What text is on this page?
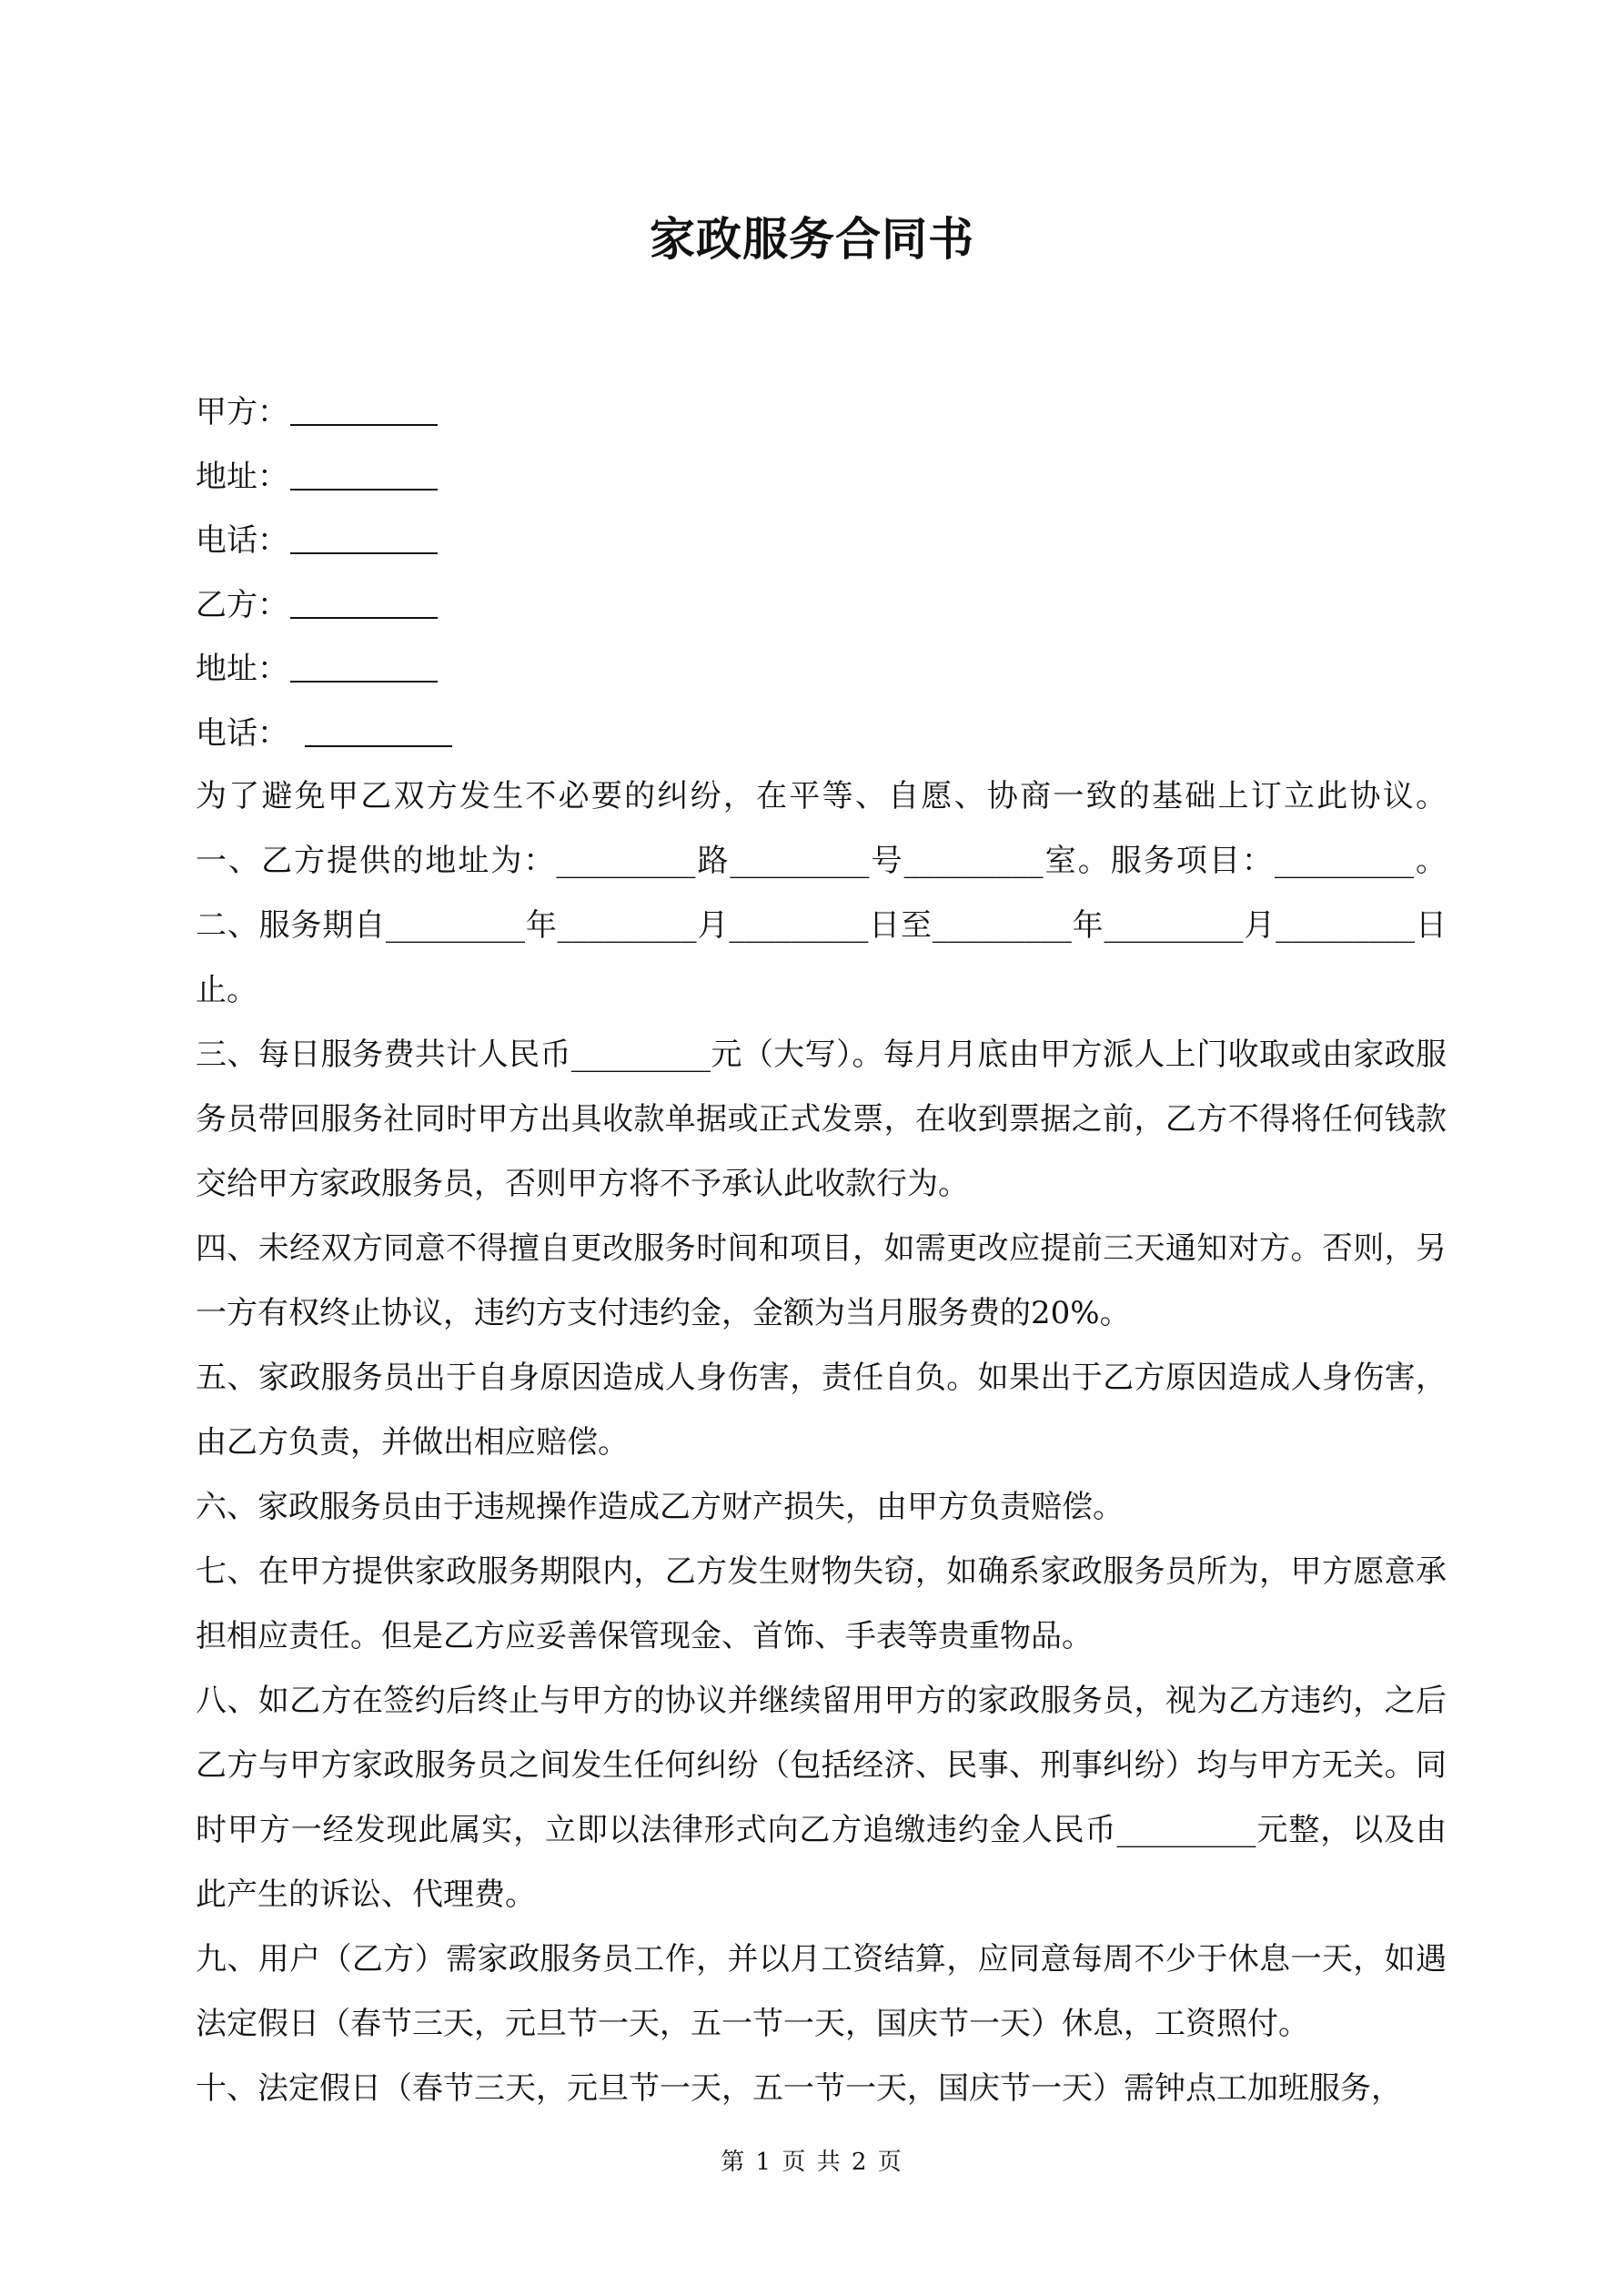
家政服务合同书
甲方：
地址：
电话：
乙方：
地址：
电话：

为了避免甲乙双方发生不必要的纠纷，在平等、自愿、协商一致的基础上订立此协议。

一、乙方提供的地址为：_________路_________号_________室。服务项目：_________。

二、服务期自_________年_________月_________日至_________年_________月_________日止。

三、每日服务费共计人民币_________元（大写）。每月月底由甲方派人上门收取或由家政服务员带回服务社同时甲方出具收款单据或正式发票，在收到票据之前，乙方不得将任何钱款交给甲方家政服务员，否则甲方将不予承认此收款行为。

四、未经双方同意不得擅自更改服务时间和项目，如需更改应提前三天通知对方。否则，另一方有权终止协议，违约方支付违约金，金额为当月服务费的20%。

五、家政服务员出于自身原因造成人身伤害，责任自负。如果出于乙方原因造成人身伤害，由乙方负责，并做出相应赔偿。

六、家政服务员由于违规操作造成乙方财产损失，由甲方负责赔偿。

七、在甲方提供家政服务期限内，乙方发生财物失窃，如确系家政服务员所为，甲方愿意承担相应责任。但是乙方应妥善保管现金、首饰、手表等贵重物品。

八、如乙方在签约后终止与甲方的协议并继续留用甲方的家政服务员，视为乙方违约，之后乙方与甲方家政服务员之间发生任何纠纷（包括经济、民事、刑事纠纷）均与甲方无关。同时甲方一经发现此属实，立即以法律形式向乙方追缴违约金人民币_________元整，以及由此产生的诉讼、代理费。

九、用户（乙方）需家政服务员工作，并以月工资结算，应同意每周不少于休息一天，如遇法定假日（春节三天，元旦节一天，五一节一天，国庆节一天）休息，工资照付。

十、法定假日（春节三天，元旦节一天，五一节一天，国庆节一天）需钟点工加班服务，

第 1 页 共 2 页
